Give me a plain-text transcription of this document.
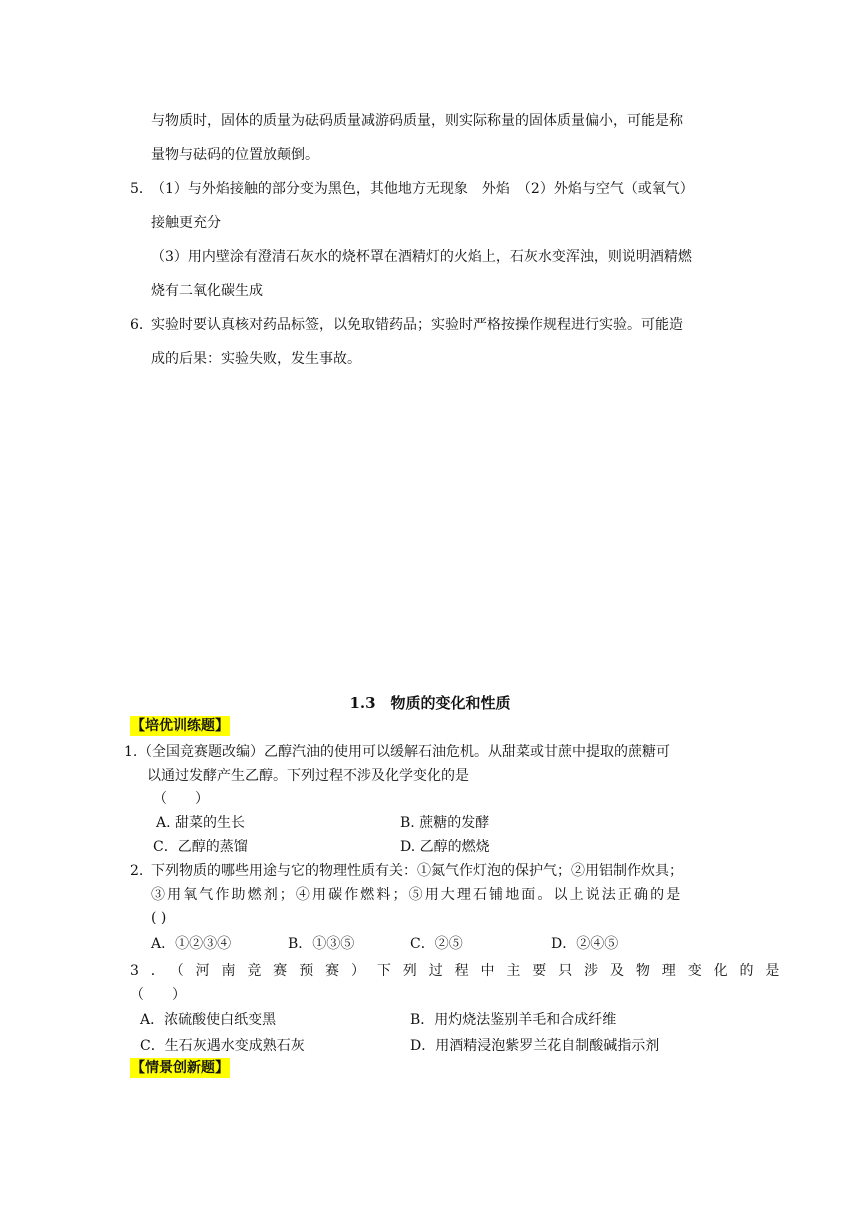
与物质时，固体的质量为砝码质量减游码质量，则实际称量的固体质量偏小，可能是称
量物与砝码的位置放颠倒。
5．
（1）与外焰接触的部分变为黑色，其他地方无现象　外焰　（2）外焰与空气（或氧气）
接触更充分
（3）用内壁涂有澄清石灰水的烧杯罩在酒精灯的火焰上，石灰水变浑浊，则说明酒精燃
烧有二氧化碳生成
6．
实验时要认真核对药品标签，以免取错药品；实验时严格按操作规程进行实验。可能造
成的后果：实验失败，发生事故。
1.3　物质的变化和性质
【培优训练题】
1. （全国竞赛题改编）乙醇汽油的使用可以缓解石油危机。从甜菜或甘蔗中提取的蔗糖可
以通过发酵产生乙醇。下列过程不涉及化学变化的是
（　　）
A. 甜菜的生长	B. 蔗糖的发酵
C．乙醇的蒸馏	D. 乙醇的燃烧
2. 下列物质的哪些用途与它的物理性质有关：①氮气作灯泡的保护气；②用铝制作炊具；
③用氧气作助燃剂；④用碳作燃料；⑤用大理石铺地面。以上说法正确的是
( )
A．①②③④	B．①③⑤	C．②⑤	D．②④⑤
3．（河南竞赛预赛）下列过程中主要只涉及物理变化的是
（　　）
A．浓硫酸使白纸变黑	B．用灼烧法鉴别羊毛和合成纤维
C．生石灰遇水变成熟石灰	D．用酒精浸泡紫罗兰花自制酸碱指示剂
【情景创新题】
